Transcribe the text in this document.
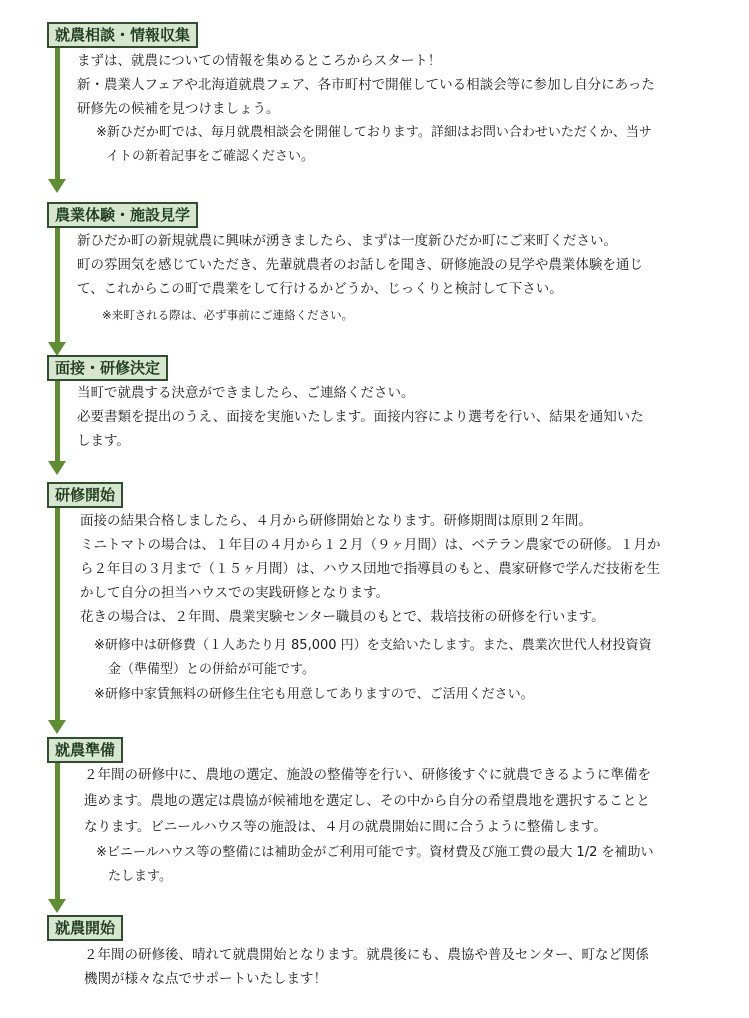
就農相談・情報収集
まずは、就農についての情報を集めるところからスタート！
新・農業人フェアや北海道就農フェア、各市町村で開催している相談会等に参加し自分にあった
研修先の候補を見つけましょう。
※新ひだか町では、毎月就農相談会を開催しております。詳細はお問い合わせいただくか、当サ
イトの新着記事をご確認ください。
農業体験・施設見学
新ひだか町の新規就農に興味が湧きましたら、まずは一度新ひだか町にご来町ください。
町の雰囲気を感じていただき、先輩就農者のお話しを聞き、研修施設の見学や農業体験を通じ
て、これからこの町で農業をして行けるかどうか、じっくりと検討して下さい。
※来町される際は、必ず事前にご連絡ください。
面接・研修決定
当町で就農する決意ができましたら、ご連絡ください。
必要書類を提出のうえ、面接を実施いたします。面接内容により選考を行い、結果を通知いた
します。
研修開始
面接の結果合格しましたら、４月から研修開始となります。研修期間は原則２年間。
ミニトマトの場合は、１年目の４月から１２月（９ヶ月間）は、ベテラン農家での研修。１月か
ら２年目の３月まで（１５ヶ月間）は、ハウス団地で指導員のもと、農家研修で学んだ技術を生
かして自分の担当ハウスでの実践研修となります。
花きの場合は、２年間、農業実験センター職員のもとで、栽培技術の研修を行います。
※研修中は研修費（１人あたり月 85,000 円）を支給いたします。また、農業次世代人材投資資
金（準備型）との併給が可能です。
※研修中家賃無料の研修生住宅も用意してありますので、ご活用ください。
就農準備
２年間の研修中に、農地の選定、施設の整備等を行い、研修後すぐに就農できるように準備を
進めます。農地の選定は農協が候補地を選定し、その中から自分の希望農地を選択することと
なります。ビニールハウス等の施設は、４月の就農開始に間に合うように整備します。
※ビニールハウス等の整備には補助金がご利用可能です。資材費及び施工費の最大 1/2 を補助い
たします。
就農開始
２年間の研修後、晴れて就農開始となります。就農後にも、農協や普及センター、町など関係
機関が様々な点でサポートいたします！
